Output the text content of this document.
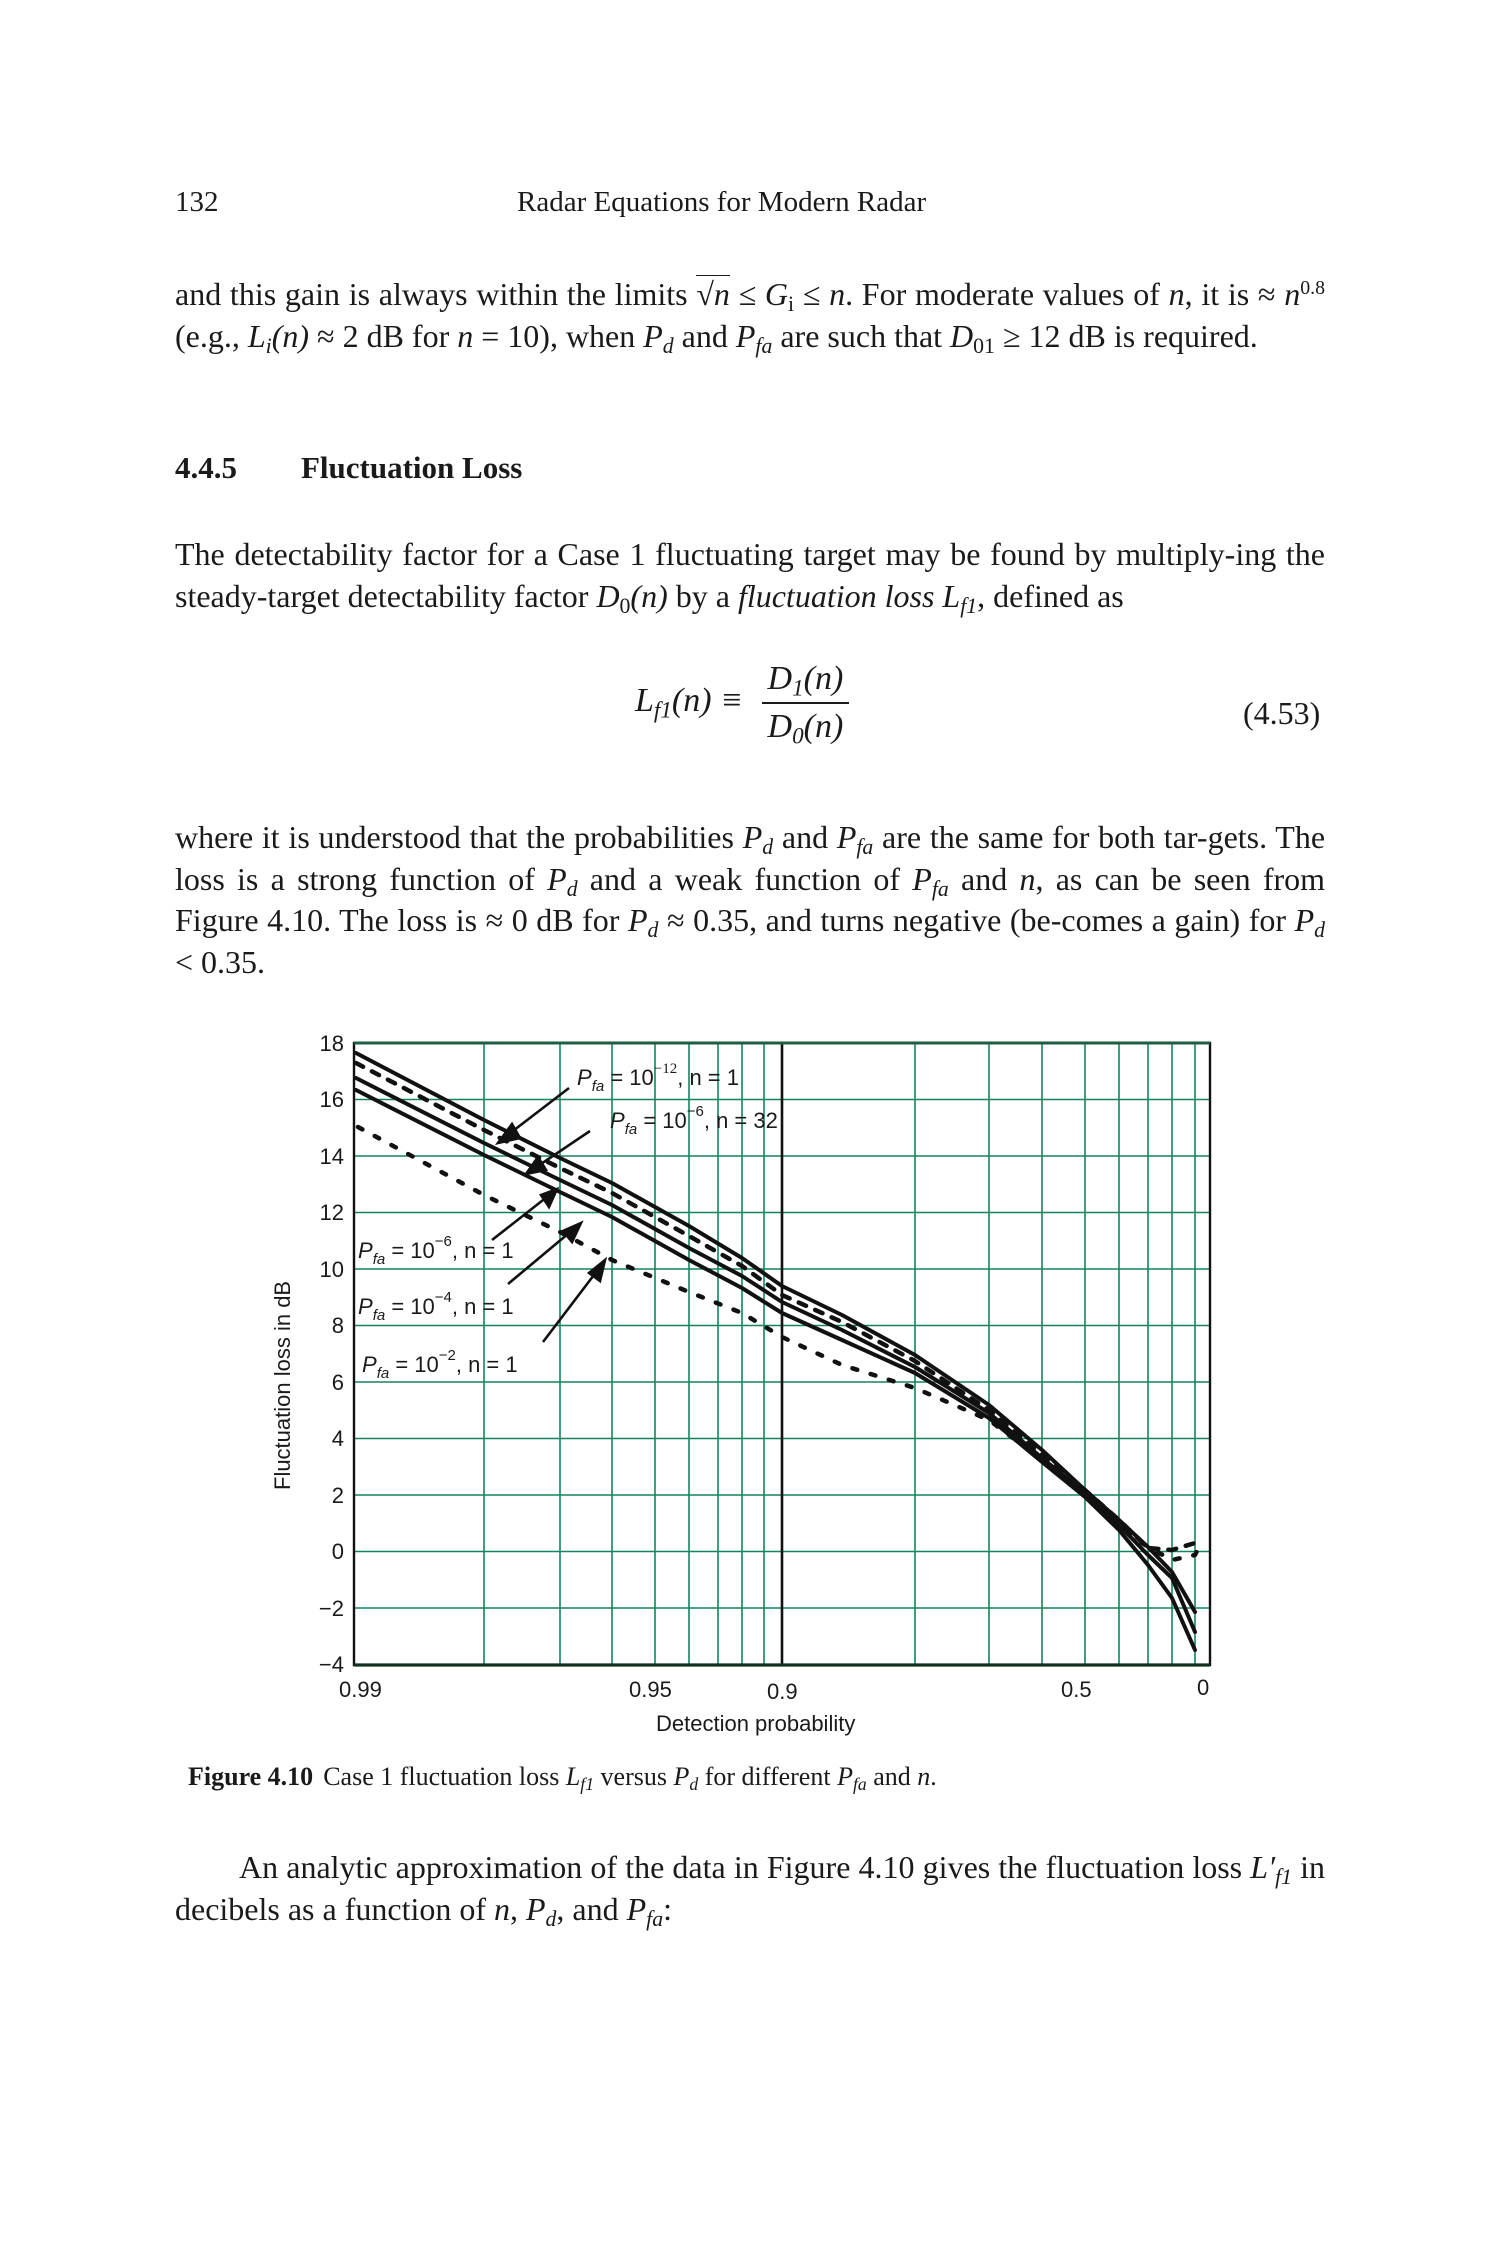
132	Radar Equations for Modern Radar
and this gain is always within the limits $√n \le G_i \le n$. For moderate values of n, it is ≈ $n^{0.8}$ (e.g., $L_i(n) \approx 2$ dB for n = 10), when $P_d$ and $P_{fa}$ are such that $D_{01} \ge 12$ dB is required.
4.4.5 Fluctuation Loss
The detectability factor for a Case 1 fluctuating target may be found by multiply-ing the steady-target detectability factor $D_0(n)$ by a fluctuation loss $L_{f1}$, defined as
$L_{f1}(n) \equiv \frac{D_1(n)}{D_0(n)}$	(4.53)
where it is understood that the probabilities $P_d$ and $P_{fa}$ are the same for both tar-gets. The loss is a strong function of $P_d$ and a weak function of $P_{fa}$ and n, as can be seen from Figure 4.10. The loss is ≈ 0 dB for $P_d \approx 0.35$, and turns negative (be-comes a gain) for $P_d < 0.35$.
$P_{fa} = 10^{-12}$, n = 1
$P_{fa} = 10^{-6}$, n = 32
$P_{fa} = 10^{-6}$, n = 1
$P_{fa} = 10^{-4}$, n = 1
$P_{fa} = 10^{-2}$, n = 1
18
16
14
12
10
8
6
4
2
0
−2
−4
0.99	0.95	0.9	0.5	0
Detection probability
Fluctuation loss in dB
Figure 4.10 Case 1 fluctuation loss $L_{f1}$ versus $P_d$ for different $P_{fa}$ and n.
An analytic approximation of the data in Figure 4.10 gives the fluctuation loss $L'_{f1}$ in decibels as a function of n, $P_d$, and $P_{fa}$:
